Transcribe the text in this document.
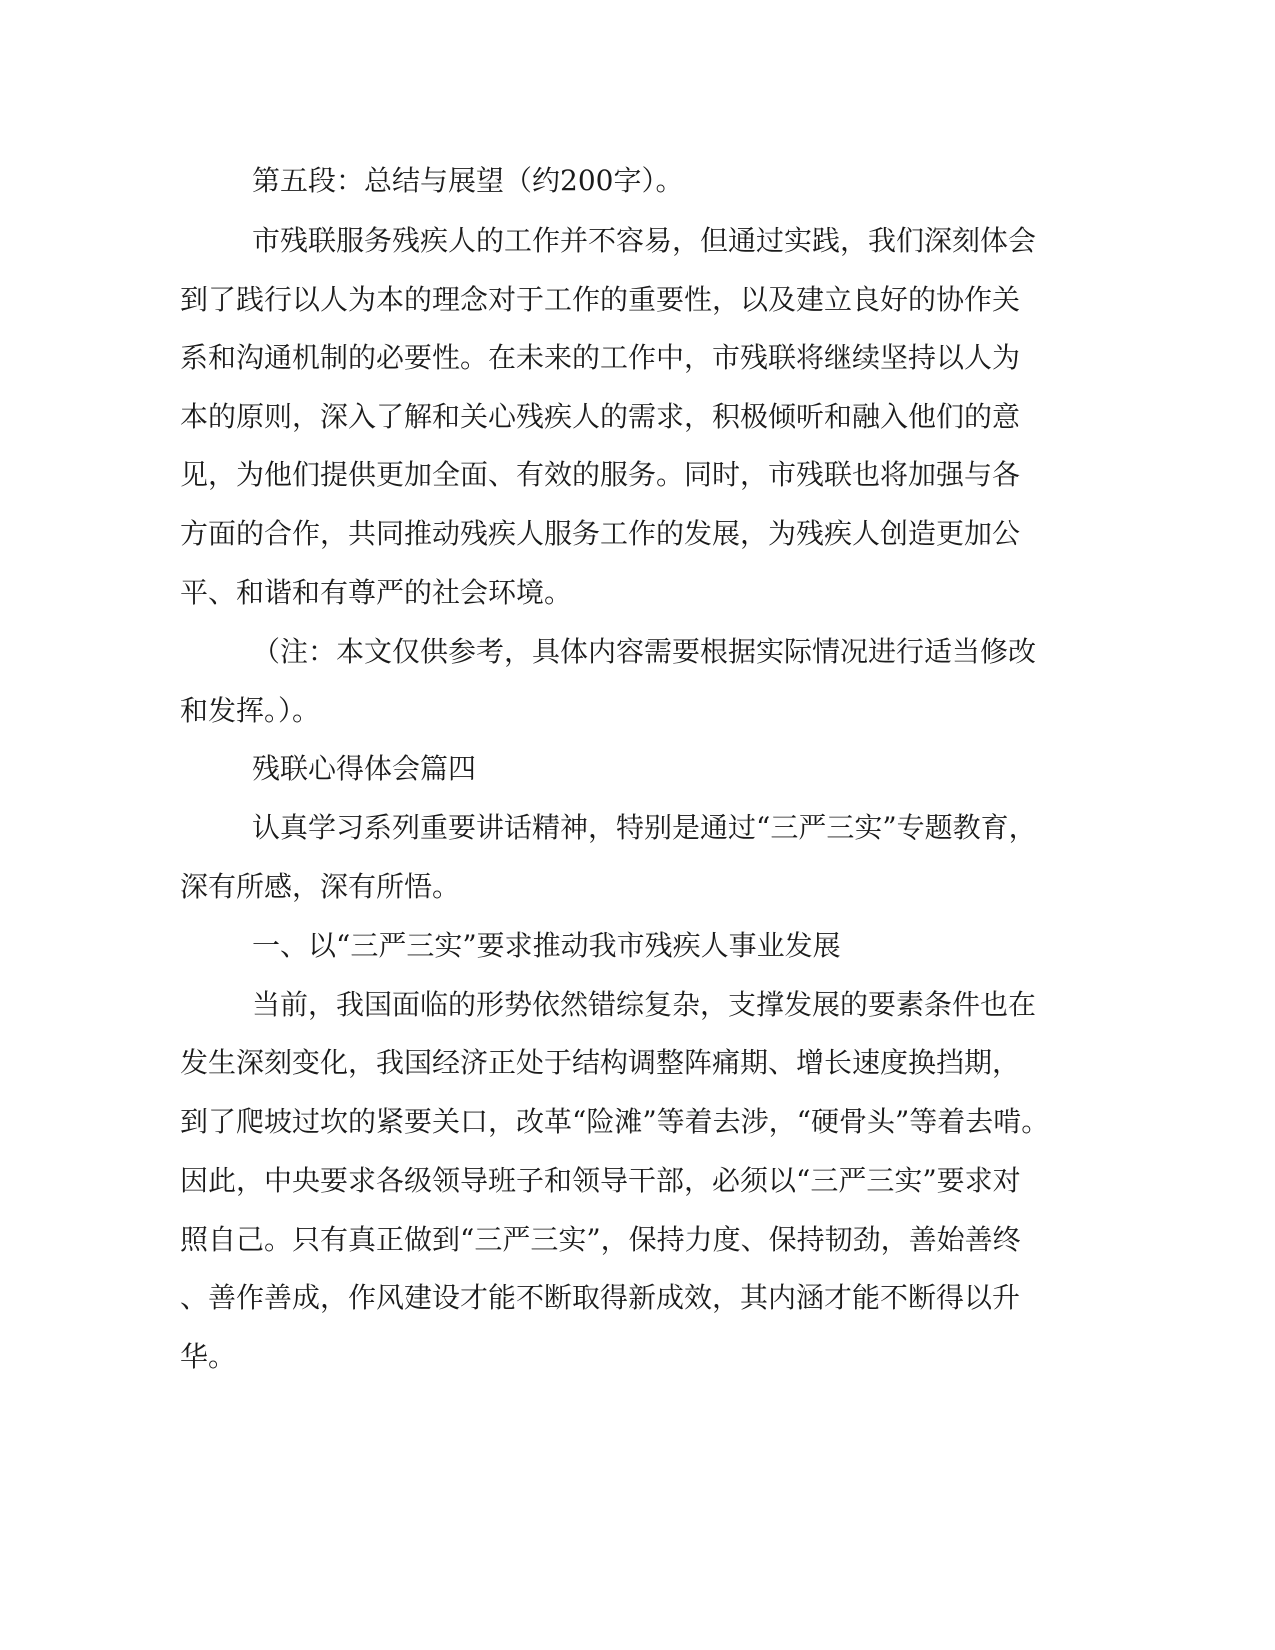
第五段：总结与展望（约200字）。
市残联服务残疾人的工作并不容易，但通过实践，我们深刻体会
到了践行以人为本的理念对于工作的重要性，以及建立良好的协作关
系和沟通机制的必要性。在未来的工作中，市残联将继续坚持以人为
本的原则，深入了解和关心残疾人的需求，积极倾听和融入他们的意
见，为他们提供更加全面、有效的服务。同时，市残联也将加强与各
方面的合作，共同推动残疾人服务工作的发展，为残疾人创造更加公
平、和谐和有尊严的社会环境。
（注：本文仅供参考，具体内容需要根据实际情况进行适当修改
和发挥。）。
残联心得体会篇四
认真学习系列重要讲话精神，特别是通过“三严三实”专题教育，
深有所感，深有所悟。
一、以“三严三实”要求推动我市残疾人事业发展
当前，我国面临的形势依然错综复杂，支撑发展的要素条件也在
发生深刻变化，我国经济正处于结构调整阵痛期、增长速度换挡期，
到了爬坡过坎的紧要关口，改革“险滩”等着去涉，“硬骨头”等着去啃。
因此，中央要求各级领导班子和领导干部，必须以“三严三实”要求对
照自己。只有真正做到“三严三实”，保持力度、保持韧劲，善始善终
、善作善成，作风建设才能不断取得新成效，其内涵才能不断得以升
华。
